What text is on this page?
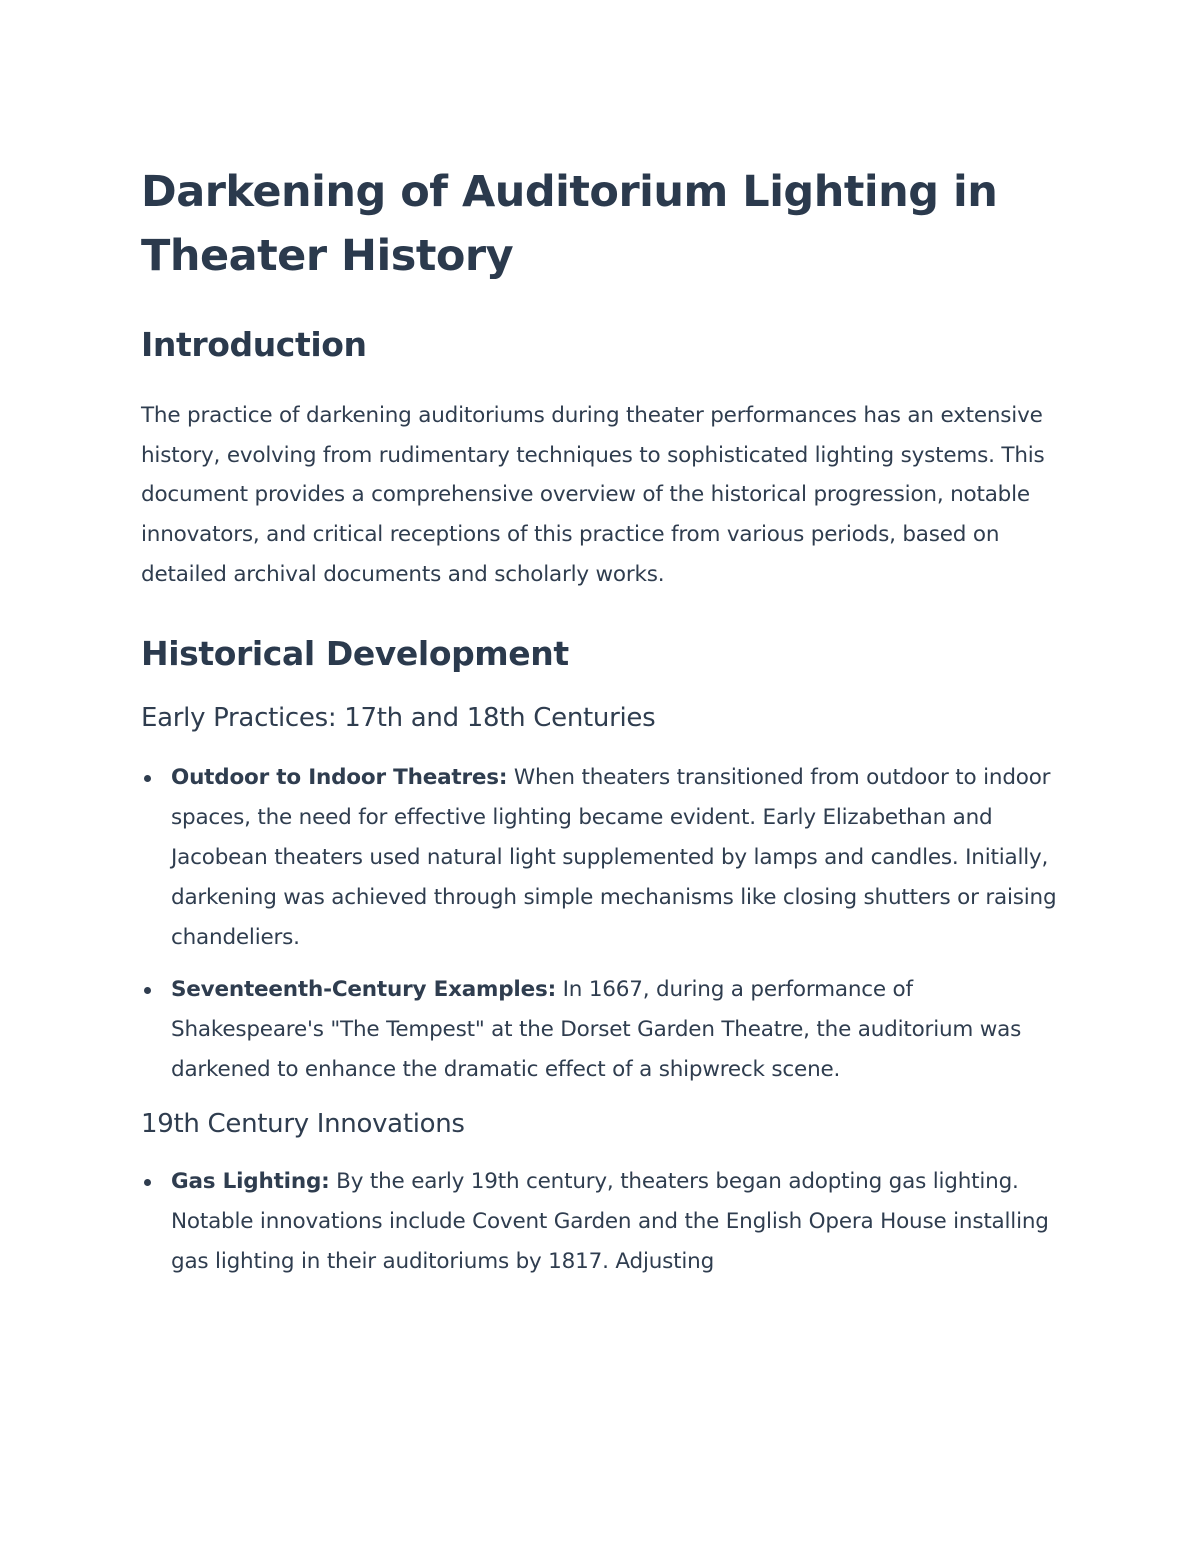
Darkening of Auditorium Lighting in Theater History
Introduction

The practice of darkening auditoriums during theater performances has an extensive history, evolving from rudimentary techniques to sophisticated lighting systems. This document provides a comprehensive overview of the historical progression, notable innovators, and critical receptions of this practice from various periods, based on detailed archival documents and scholarly works.

Historical Development
Early Practices: 17th and 18th Centuries
Outdoor to Indoor Theatres: When theaters transitioned from outdoor to indoor spaces, the need for effective lighting became evident. Early Elizabethan and Jacobean theaters used natural light supplemented by lamps and candles. Initially, darkening was achieved through simple mechanisms like closing shutters or raising chandeliers.
Seventeenth-Century Examples: In 1667, during a performance of Shakespeare's "The Tempest" at the Dorset Garden Theatre, the auditorium was darkened to enhance the dramatic effect of a shipwreck scene.
19th Century Innovations
Gas Lighting: By the early 19th century, theaters began adopting gas lighting. Notable innovations include Covent Garden and the English Opera House installing gas lighting in their auditoriums by 1817. Adjusting
